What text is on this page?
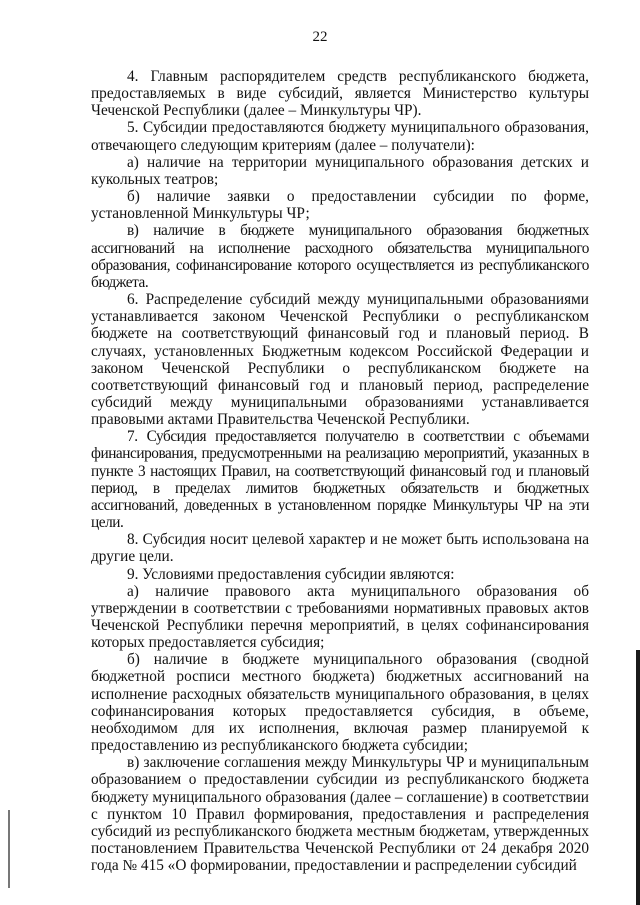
22

4. Главным распорядителем средств республиканского бюджета, предоставляемых в виде субсидий, является Министерство культуры Чеченской Республики (далее – Минкультуры ЧР).

5. Субсидии предоставляются бюджету муниципального образования, отвечающего следующим критериям (далее – получатели):

а) наличие на территории муниципального образования детских и кукольных театров;

б) наличие заявки о предоставлении субсидии по форме, установленной Минкультуры ЧР;

в) наличие в бюджете муниципального образования бюджетных ассигнований на исполнение расходного обязательства муниципального образования, софинансирование которого осуществляется из республиканского бюджета.

6. Распределение субсидий между муниципальными образованиями устанавливается законом Чеченской Республики о республиканском бюджете на соответствующий финансовый год и плановый период. В случаях, установленных Бюджетным кодексом Российской Федерации и законом Чеченской Республики о республиканском бюджете на соответствующий финансовый год и плановый период, распределение субсидий между муниципальными образованиями устанавливается правовыми актами Правительства Чеченской Республики.

7. Субсидия предоставляется получателю в соответствии с объемами финансирования, предусмотренными на реализацию мероприятий, указанных в пункте 3 настоящих Правил, на соответствующий финансовый год и плановый период, в пределах лимитов бюджетных обязательств и бюджетных ассигнований, доведенных в установленном порядке Минкультуры ЧР на эти цели.

8. Субсидия носит целевой характер и не может быть использована на другие цели.

9. Условиями предоставления субсидии являются:

а) наличие правового акта муниципального образования об утверждении в соответствии с требованиями нормативных правовых актов Чеченской Республики перечня мероприятий, в целях софинансирования которых предоставляется субсидия;

б) наличие в бюджете муниципального образования (сводной бюджетной росписи местного бюджета) бюджетных ассигнований на исполнение расходных обязательств муниципального образования, в целях софинансирования которых предоставляется субсидия, в объеме, необходимом для их исполнения, включая размер планируемой к предоставлению из республиканского бюджета субсидии;

в) заключение соглашения между Минкультуры ЧР и муниципальным образованием о предоставлении субсидии из республиканского бюджета бюджету муниципального образования (далее – соглашение) в соответствии с пунктом 10 Правил формирования, предоставления и распределения субсидий из республиканского бюджета местным бюджетам, утвержденных постановлением Правительства Чеченской Республики от 24 декабря 2020 года № 415 «О формировании, предоставлении и распределении субсидий
